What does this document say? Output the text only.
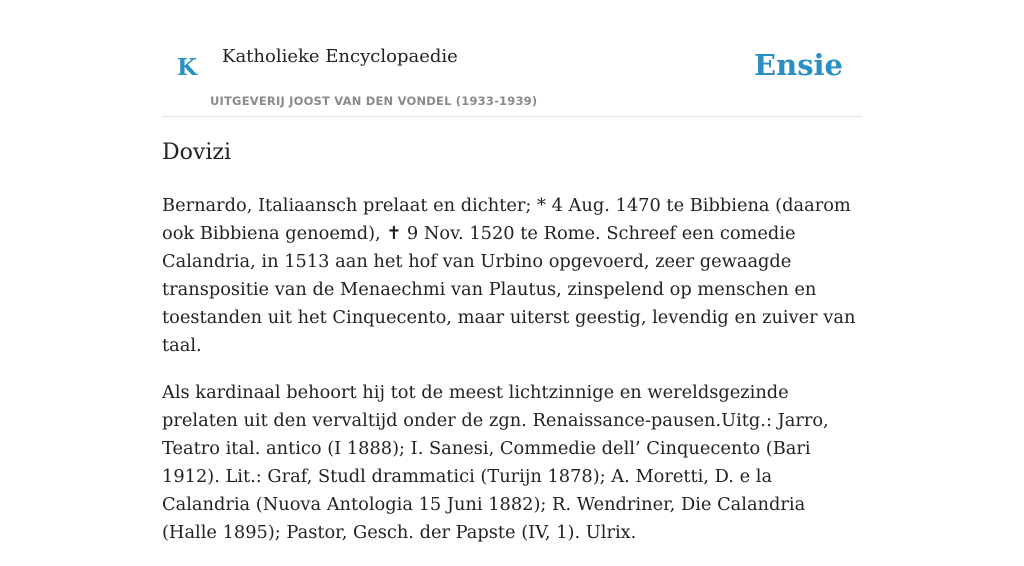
K Katholieke Encyclopaedie
UITGEVERIJ JOOST VAN DEN VONDEL (1933-1939)
Ensie
Dovizi

Bernardo, Italiaansch prelaat en dichter; * 4 Aug. 1470 te Bibbiena (daarom ook Bibbiena genoemd), ✝ 9 Nov. 1520 te Rome. Schreef een comedie Calandria, in 1513 aan het hof van Urbino opgevoerd, zeer gewaagde transpositie van de Menaechmi van Plautus, zinspelend op menschen en toestanden uit het Cinquecento, maar uiterst geestig, levendig en zuiver van taal.

Als kardinaal behoort hij tot de meest lichtzinnige en wereldsgezinde prelaten uit den vervaltijd onder de zgn. Renaissance-pausen.Uitg.: Jarro, Teatro ital. antico (I 1888); I. Sanesi, Commedie dell’ Cinquecento (Bari 1912). Lit.: Graf, Studl drammatici (Turijn 1878); A. Moretti, D. e la Calandria (Nuova Antologia 15 Juni 1882); R. Wendriner, Die Calandria (Halle 1895); Pastor, Gesch. der Papste (IV, 1). Ulrix.
